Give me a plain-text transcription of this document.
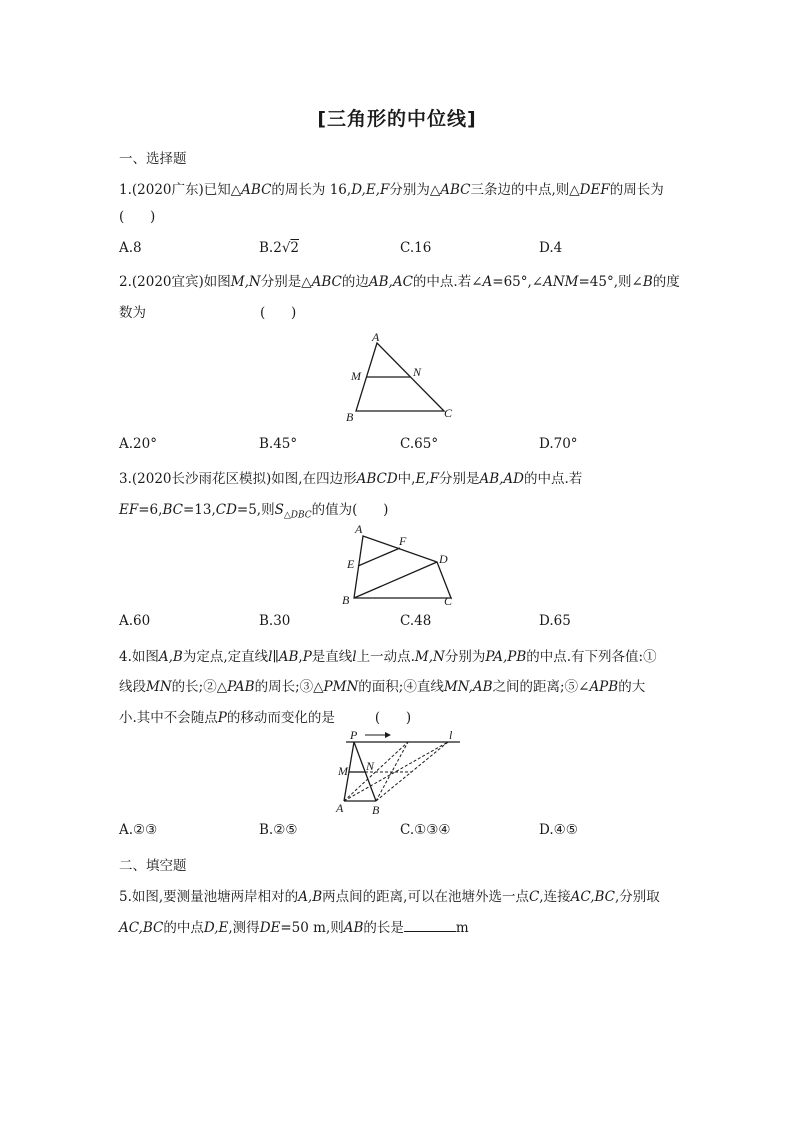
[三角形的中位线]
一、选择题
1.(2020广东)已知△ABC的周长为 16,D,E,F分别为△ABC三条边的中点,则△DEF的周长为
(      )
A.8	B.2√2	C.16	D.4
2.(2020宜宾)如图M,N分别是△ABC的边AB,AC的中点.若∠A=65°,∠ANM=45°,则∠B的度
数为	(      )
A
M	N
B	C
A.20°	B.45°	C.65°	D.70°
3.(2020长沙雨花区模拟)如图,在四边形ABCD中,E,F分别是AB,AD的中点.若
EF=6,BC=13,CD=5,则$S_{\triangle DBC}$的值为(      )
A
F
D
E
B	C
A.60	B.30	C.48	D.65
4.如图A,B为定点,定直线l∥AB,P是直线l上一动点.M,N分别为PA,PB的中点.有下列各值:①
线段MN的长;②△PAB的周长;③△PMN的面积;④直线MN,AB之间的距离;⑤∠APB的大
小.其中不会随点P的移动而变化的是	(      )
P	l
M N
A B
A.②③	B.②⑤	C.①③④	D.④⑤
二、填空题
5.如图,要测量池塘两岸相对的A,B两点间的距离,可以在池塘外选一点C,连接AC,BC,分别取
AC,BC的中点D,E,测得DE=50 m,则AB的长是	m
